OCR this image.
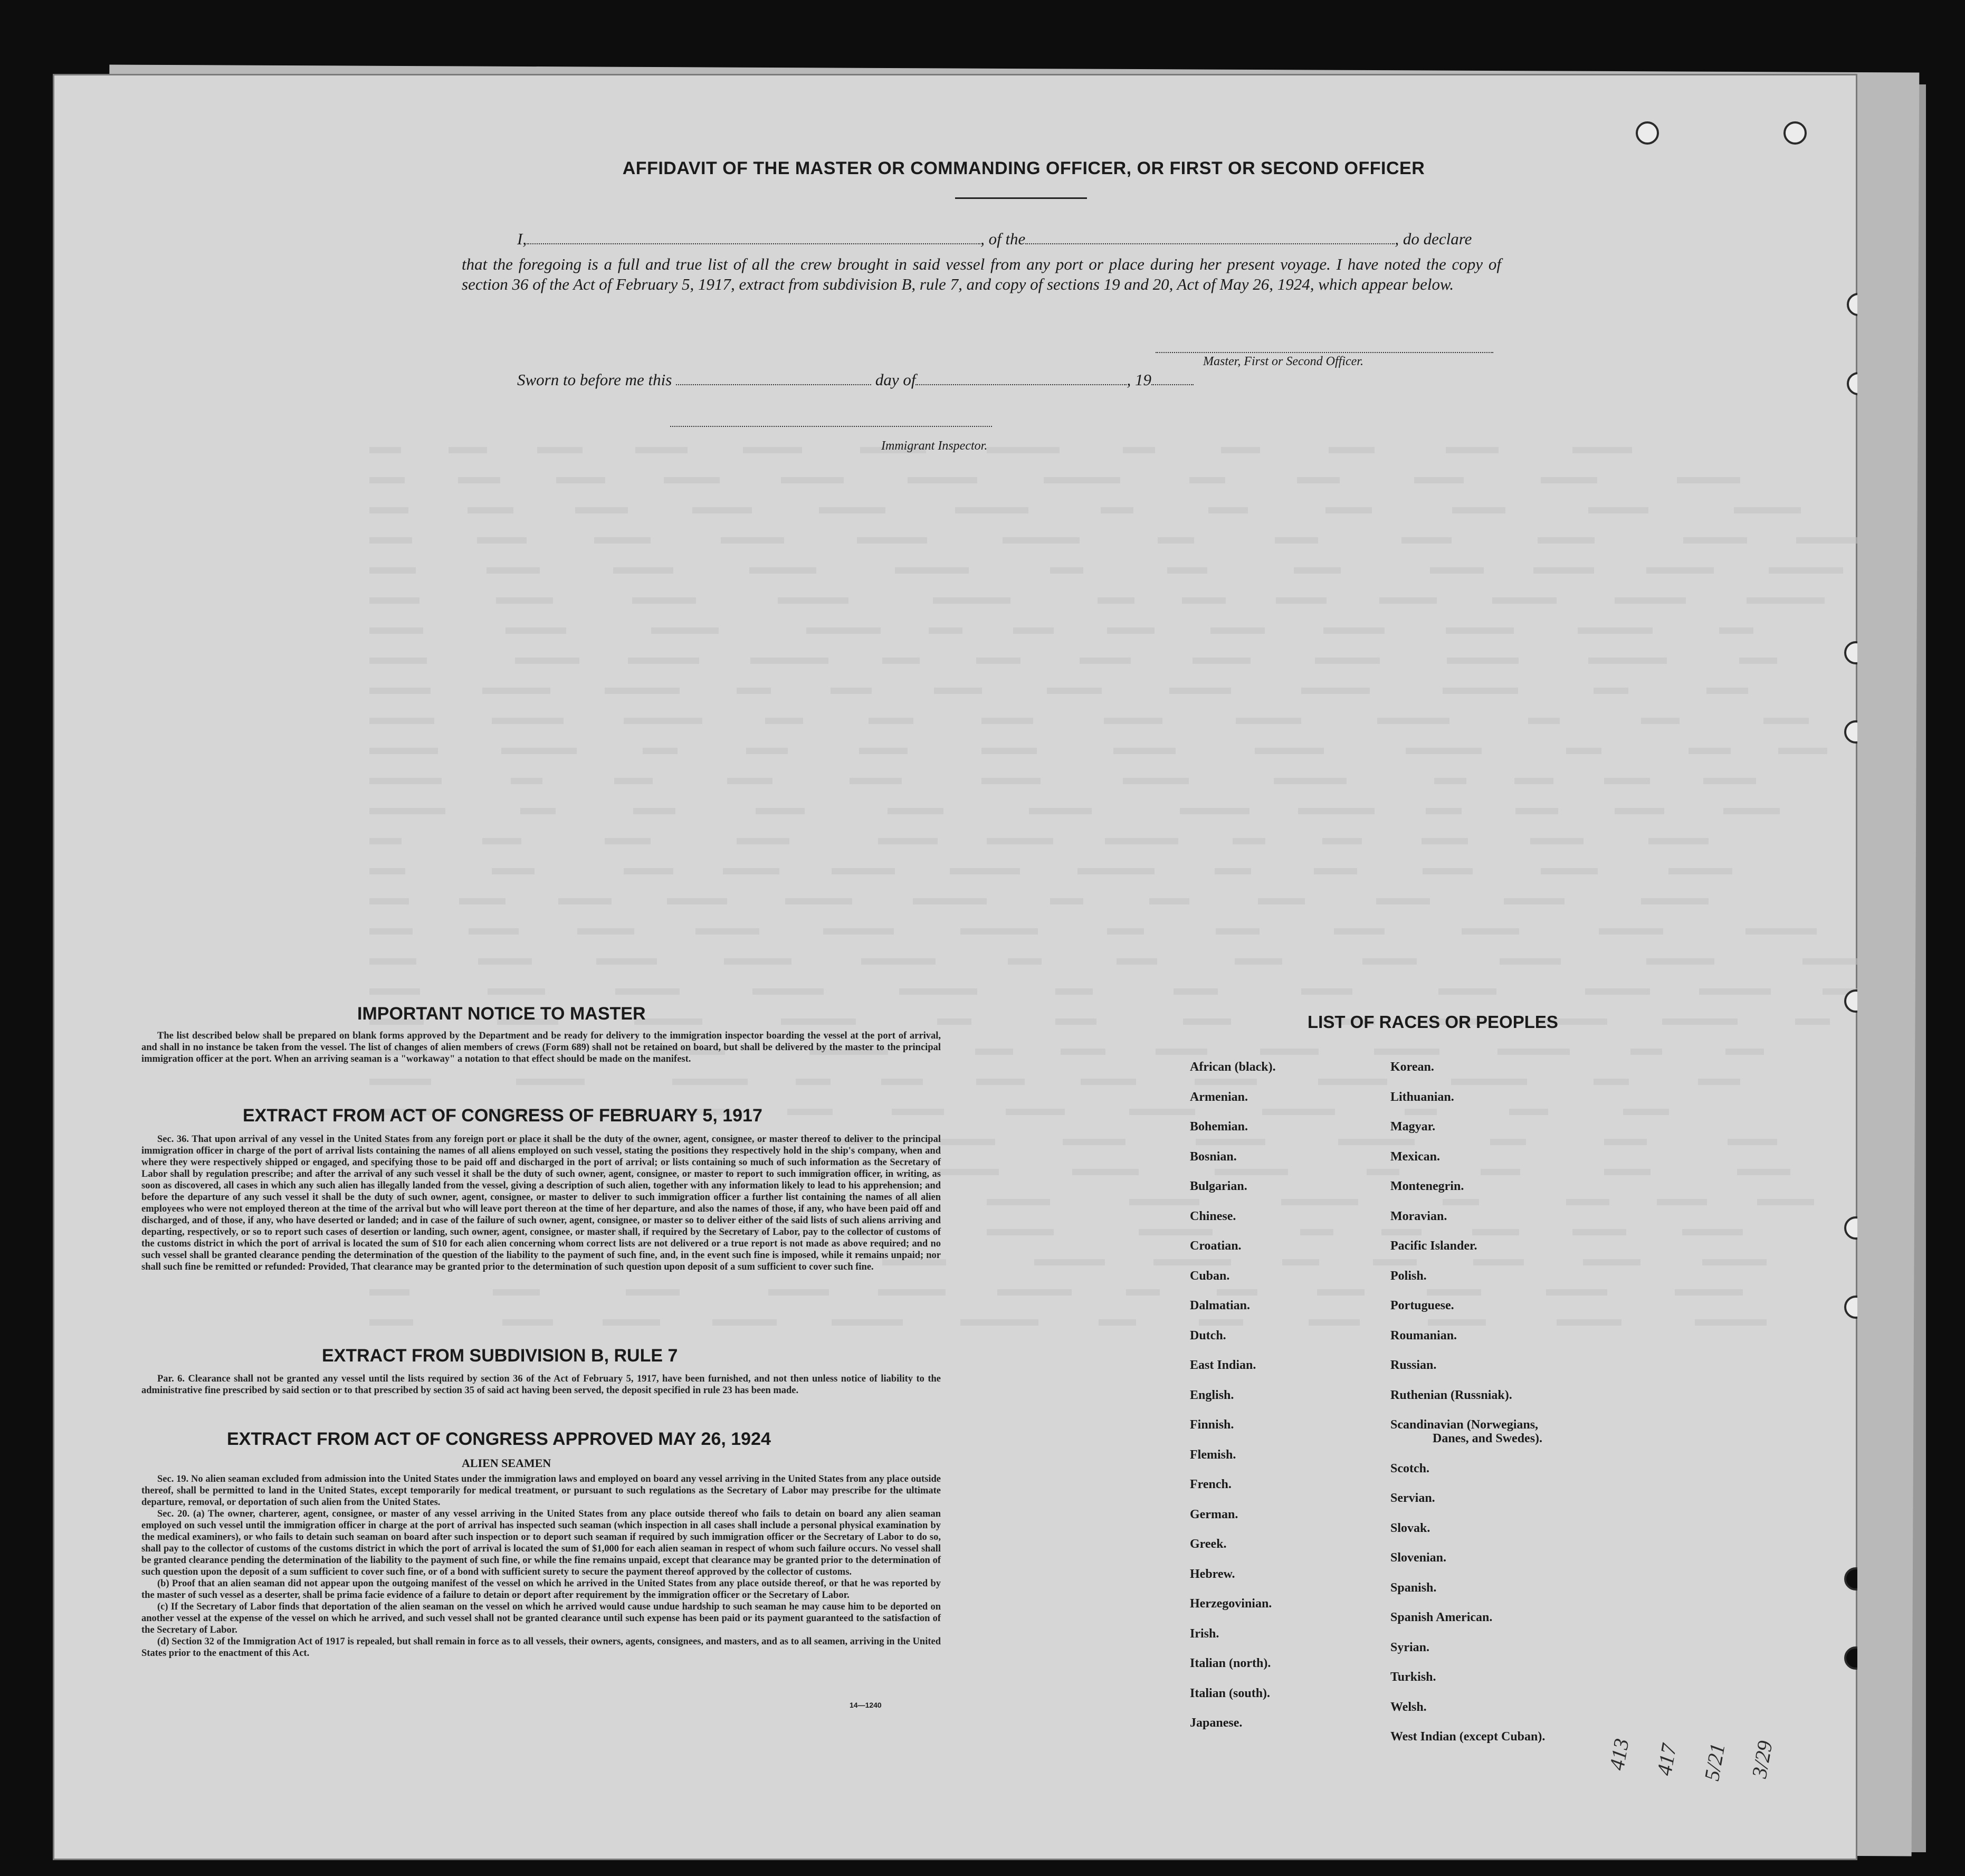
AFFIDAVIT OF THE MASTER OR COMMANDING OFFICER, OR FIRST OR SECOND OFFICER
I,	, of the	, do declare
that the foregoing is a full and true list of all the crew brought in said vessel from any port or place during her present voyage. I have noted the copy of section 36 of the Act of February 5, 1917, extract from subdivision B, rule 7, and copy of sections 19 and 20, Act of May 26, 1924, which appear below.
Master, First or Second Officer.
Sworn to before me this	day of	, 19
Immigrant Inspector.
IMPORTANT NOTICE TO MASTER

The list described below shall be prepared on blank forms approved by the Department and be ready for delivery to the immigration inspector boarding the vessel at the port of arrival, and shall in no instance be taken from the vessel. The list of changes of alien members of crews (Form 689) shall not be retained on board, but shall be delivered by the master to the principal immigration officer at the port. When an arriving seaman is a "workaway" a notation to that effect should be made on the manifest.

EXTRACT FROM ACT OF CONGRESS OF FEBRUARY 5, 1917

Sec. 36. That upon arrival of any vessel in the United States from any foreign port or place it shall be the duty of the owner, agent, consignee, or master thereof to deliver to the principal immigration officer in charge of the port of arrival lists containing the names of all aliens employed on such vessel, stating the positions they respectively hold in the ship's company, when and where they were respectively shipped or engaged, and specifying those to be paid off and discharged in the port of arrival; or lists containing so much of such information as the Secretary of Labor shall by regulation prescribe; and after the arrival of any such vessel it shall be the duty of such owner, agent, consignee, or master to report to such immigration officer, in writing, as soon as discovered, all cases in which any such alien has illegally landed from the vessel, giving a description of such alien, together with any information likely to lead to his apprehension; and before the departure of any such vessel it shall be the duty of such owner, agent, consignee, or master to deliver to such immigration officer a further list containing the names of all alien employees who were not employed thereon at the time of the arrival but who will leave port thereon at the time of her departure, and also the names of those, if any, who have been paid off and discharged, and of those, if any, who have deserted or landed; and in case of the failure of such owner, agent, consignee, or master so to deliver either of the said lists of such aliens arriving and departing, respectively, or so to report such cases of desertion or landing, such owner, agent, consignee, or master shall, if required by the Secretary of Labor, pay to the collector of customs of the customs district in which the port of arrival is located the sum of $10 for each alien concerning whom correct lists are not delivered or a true report is not made as above required; and no such vessel shall be granted clearance pending the determination of the question of the liability to the payment of such fine, and, in the event such fine is imposed, while it remains unpaid; nor shall such fine be remitted or refunded: Provided, That clearance may be granted prior to the determination of such question upon deposit of a sum sufficient to cover such fine.

EXTRACT FROM SUBDIVISION B, RULE 7

Par. 6. Clearance shall not be granted any vessel until the lists required by section 36 of the Act of February 5, 1917, have been furnished, and not then unless notice of liability to the administrative fine prescribed by said section or to that prescribed by section 35 of said act having been served, the deposit specified in rule 23 has been made.

EXTRACT FROM ACT OF CONGRESS APPROVED MAY 26, 1924
ALIEN SEAMEN

Sec. 19. No alien seaman excluded from admission into the United States under the immigration laws and employed on board any vessel arriving in the United States from any place outside thereof, shall be permitted to land in the United States, except temporarily for medical treatment, or pursuant to such regulations as the Secretary of Labor may prescribe for the ultimate departure, removal, or deportation of such alien from the United States.

Sec. 20. (a) The owner, charterer, agent, consignee, or master of any vessel arriving in the United States from any place outside thereof who fails to detain on board any alien seaman employed on such vessel until the immigration officer in charge at the port of arrival has inspected such seaman (which inspection in all cases shall include a personal physical examination by the medical examiners), or who fails to detain such seaman on board after such inspection or to deport such seaman if required by such immigration officer or the Secretary of Labor to do so, shall pay to the collector of customs of the customs district in which the port of arrival is located the sum of $1,000 for each alien seaman in respect of whom such failure occurs. No vessel shall be granted clearance pending the determination of the liability to the payment of such fine, or while the fine remains unpaid, except that clearance may be granted prior to the determination of such question upon the deposit of a sum sufficient to cover such fine, or of a bond with sufficient surety to secure the payment thereof approved by the collector of customs.

(b) Proof that an alien seaman did not appear upon the outgoing manifest of the vessel on which he arrived in the United States from any place outside thereof, or that he was reported by the master of such vessel as a deserter, shall be prima facie evidence of a failure to detain or deport after requirement by the immigration officer or the Secretary of Labor.

(c) If the Secretary of Labor finds that deportation of the alien seaman on the vessel on which he arrived would cause undue hardship to such seaman he may cause him to be deported on another vessel at the expense of the vessel on which he arrived, and such vessel shall not be granted clearance until such expense has been paid or its payment guaranteed to the satisfaction of the Secretary of Labor.

(d) Section 32 of the Immigration Act of 1917 is repealed, but shall remain in force as to all vessels, their owners, agents, consignees, and masters, and as to all seamen, arriving in the United States prior to the enactment of this Act.

14—1240
LIST OF RACES OR PEOPLES
413 417 5/21 3/29
African (black).
Armenian.
Bohemian.
Bosnian.
Bulgarian.
Chinese.
Croatian.
Cuban.
Dalmatian.
Dutch.
East Indian.
English.
Finnish.
Flemish.
French.
German.
Greek.
Hebrew.
Herzegovinian.
Irish.
Italian (north).
Italian (south).
Japanese.
Korean.
Lithuanian.
Magyar.
Mexican.
Montenegrin.
Moravian.
Pacific Islander.
Polish.
Portuguese.
Roumanian.
Russian.
Ruthenian (Russniak).
Scandinavian (Norwegians,
Danes, and Swedes).
Scotch.
Servian.
Slovak.
Slovenian.
Spanish.
Spanish American.
Syrian.
Turkish.
Welsh.
West Indian (except Cuban).
